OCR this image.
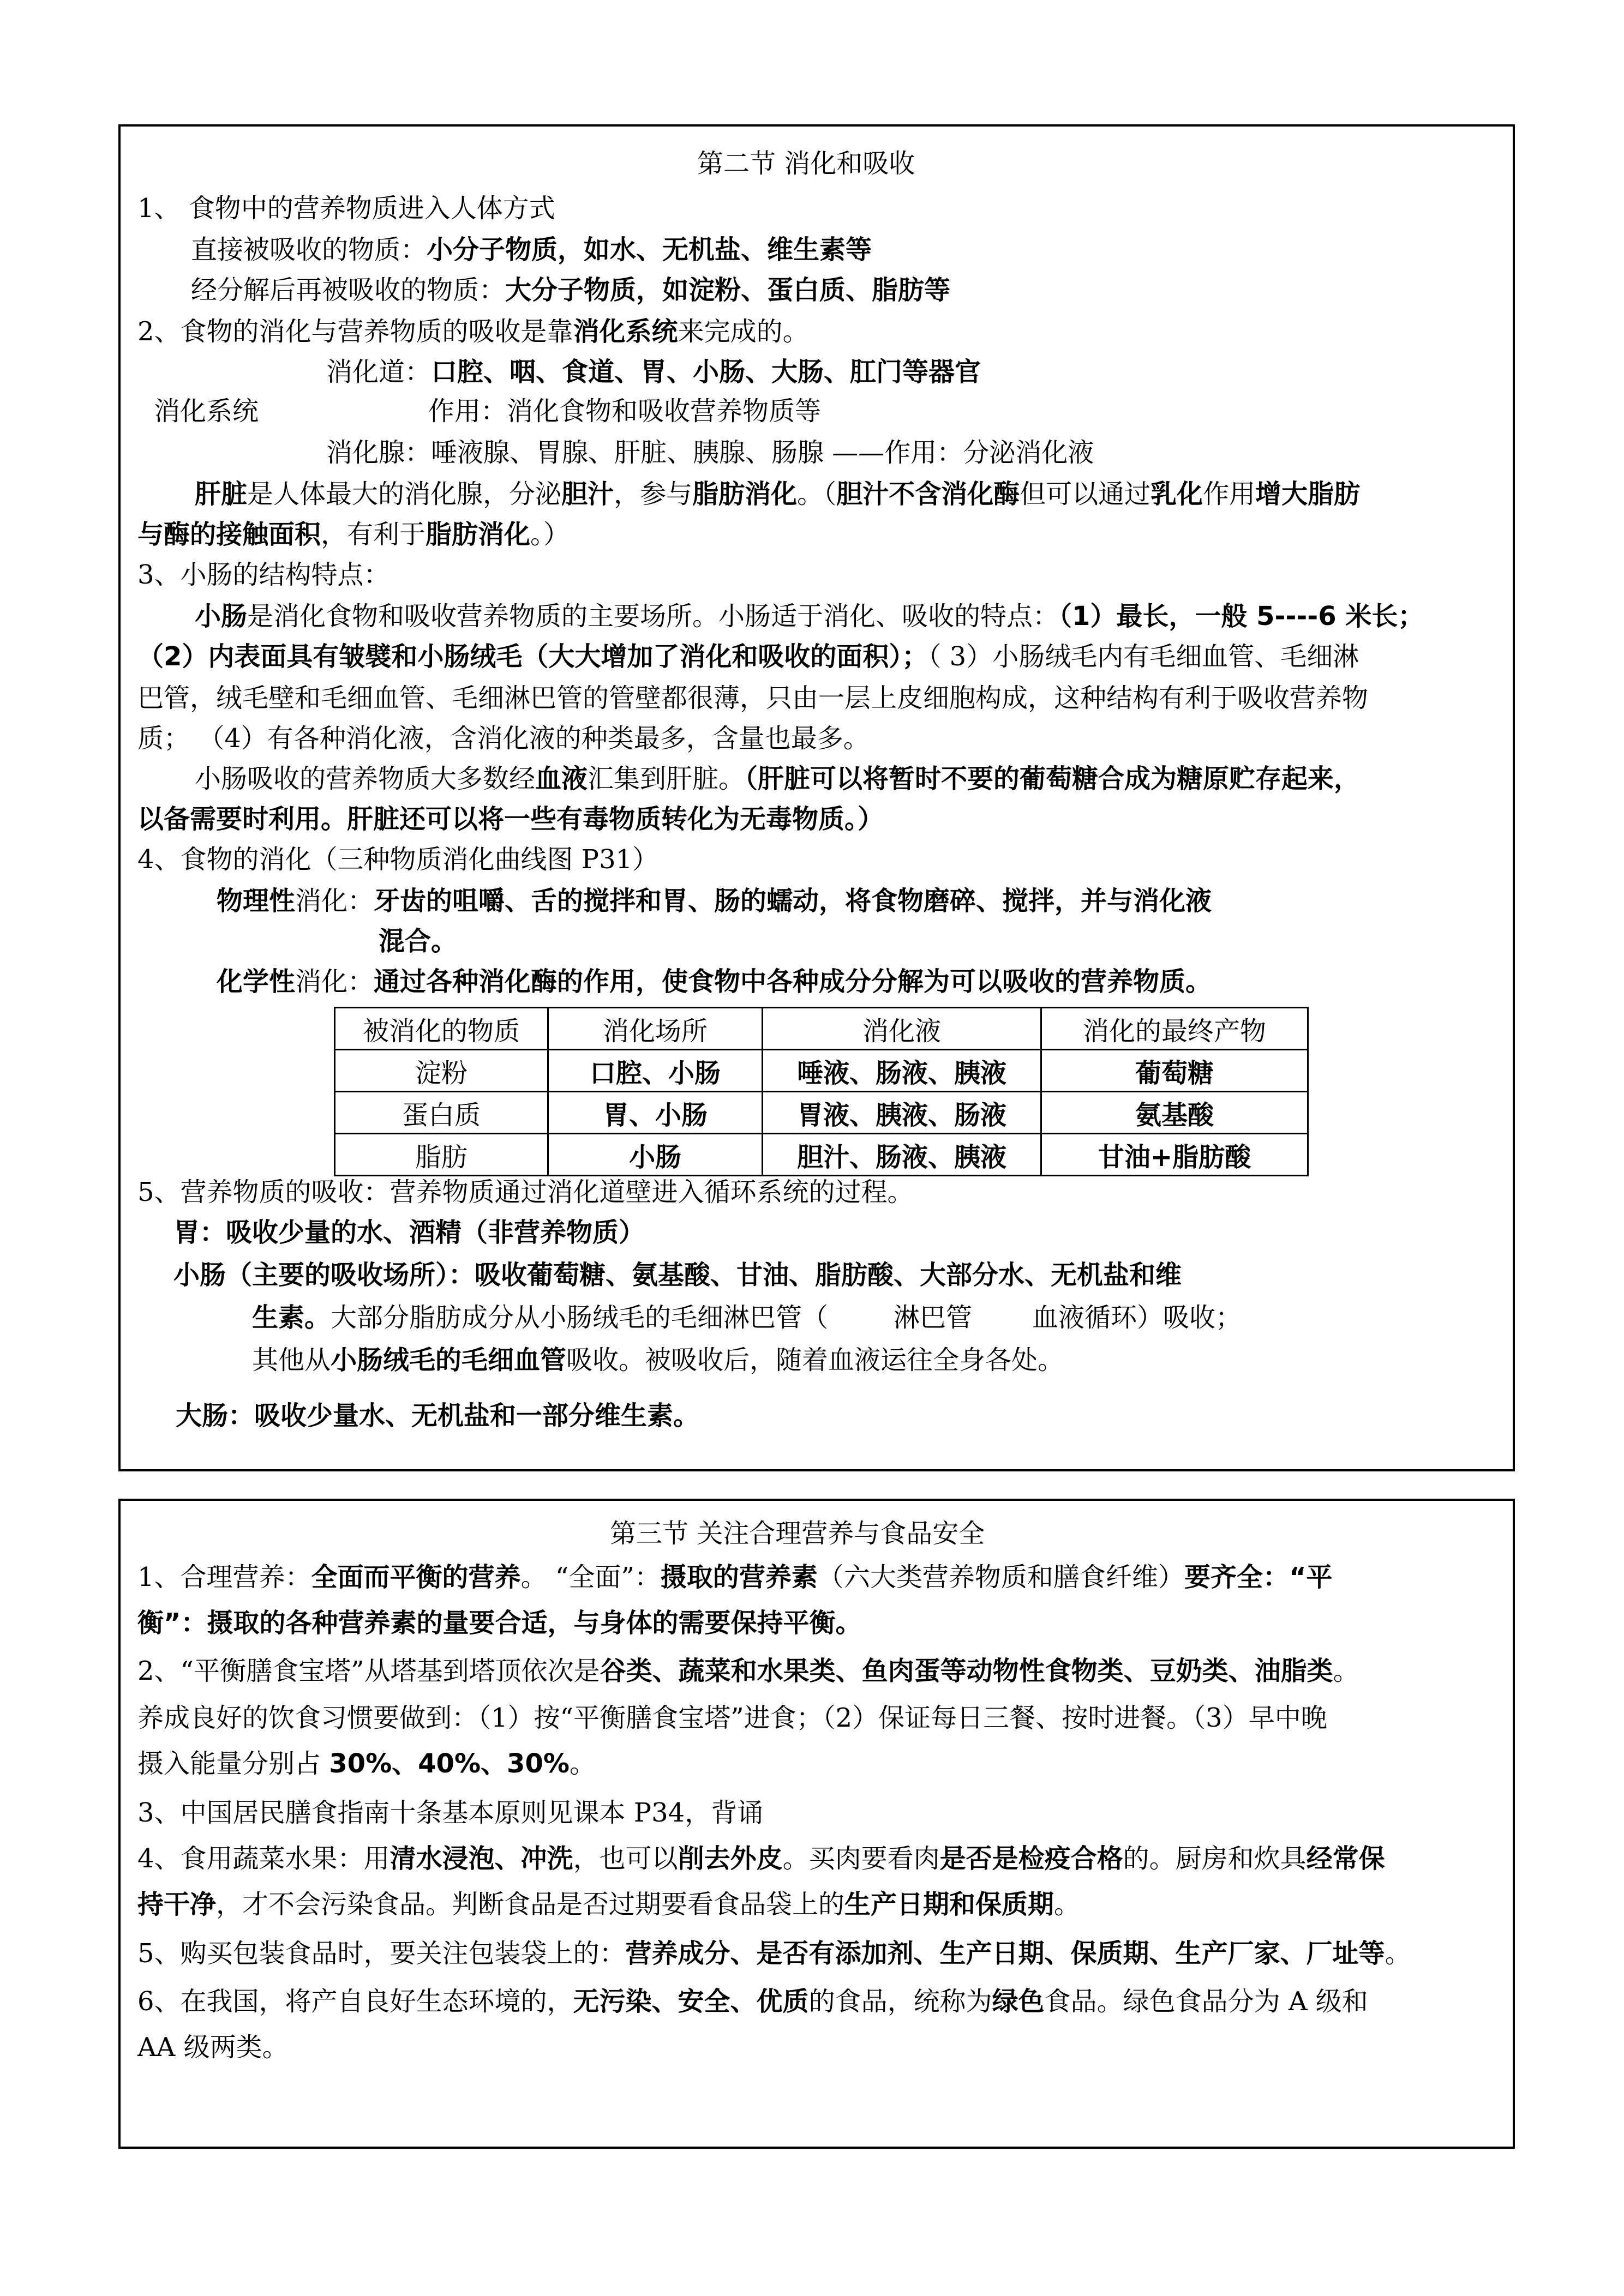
第二节 消化和吸收
1、 食物中的营养物质进入人体方式
直接被吸收的物质：小分子物质，如水、无机盐、维生素等
经分解后再被吸收的物质：大分子物质，如淀粉、蛋白质、脂肪等
2、食物的消化与营养物质的吸收是靠消化系统来完成的。
消化道：口腔、咽、食道、胃、小肠、大肠、肛门等器官
消化系统	作用：消化食物和吸收营养物质等
消化腺：唾液腺、胃腺、肝脏、胰腺、肠腺 ——作用：分泌消化液
肝脏是人体最大的消化腺，分泌胆汁，参与脂肪消化。（胆汁不含消化酶但可以通过乳化作用增大脂肪
与酶的接触面积，有利于脂肪消化。）
3、小肠的结构特点：
小肠是消化食物和吸收营养物质的主要场所。小肠适于消化、吸收的特点：（1）最长，一般 5----6 米长；
（2）内表面具有皱襞和小肠绒毛（大大增加了消化和吸收的面积）；（ 3）小肠绒毛内有毛细血管、毛细淋
巴管，绒毛壁和毛细血管、毛细淋巴管的管壁都很薄，只由一层上皮细胞构成，这种结构有利于吸收营养物
质； （4）有各种消化液，含消化液的种类最多，含量也最多。
小肠吸收的营养物质大多数经血液汇集到肝脏。（肝脏可以将暂时不要的葡萄糖合成为糖原贮存起来，
以备需要时利用。肝脏还可以将一些有毒物质转化为无毒物质。）
4、食物的消化（三种物质消化曲线图 P31）
物理性消化：牙齿的咀嚼、舌的搅拌和胃、肠的蠕动，将食物磨碎、搅拌，并与消化液
混合。
化学性消化：通过各种消化酶的作用，使食物中各种成分分解为可以吸收的营养物质。
被消化的物质	消化场所	消化液	消化的最终产物
淀粉	口腔、小肠	唾液、肠液、胰液	葡萄糖
蛋白质	胃、小肠	胃液、胰液、肠液	氨基酸
脂肪	小肠	胆汁、肠液、胰液	甘油+脂肪酸
5、营养物质的吸收：营养物质通过消化道壁进入循环系统的过程。
胃：吸收少量的水、酒精（非营养物质）
小肠（主要的吸收场所）：吸收葡萄糖、氨基酸、甘油、脂肪酸、大部分水、无机盐和维
生素。大部分脂肪成分从小肠绒毛的毛细淋巴管（	淋巴管 血液循环）吸收；
其他从小肠绒毛的毛细血管吸收。被吸收后，随着血液运往全身各处。
大肠：吸收少量水、无机盐和一部分维生素。
第三节 关注合理营养与食品安全
1、合理营养：全面而平衡的营养。 “全面”：摄取的营养素（六大类营养物质和膳食纤维）要齐全：“平
衡”：摄取的各种营养素的量要合适，与身体的需要保持平衡。
2、“平衡膳食宝塔”从塔基到塔顶依次是谷类、蔬菜和水果类、鱼肉蛋等动物性食物类、豆奶类、油脂类。
养成良好的饮食习惯要做到：（1）按“平衡膳食宝塔”进食；（2）保证每日三餐、按时进餐。（3）早中晚
摄入能量分别占 30%、40%、30%。
3、中国居民膳食指南十条基本原则见课本 P34，背诵
4、食用蔬菜水果：用清水浸泡、冲洗，也可以削去外皮。买肉要看肉是否是检疫合格的。厨房和炊具经常保
持干净，才不会污染食品。判断食品是否过期要看食品袋上的生产日期和保质期。
5、购买包装食品时，要关注包装袋上的：营养成分、是否有添加剂、生产日期、保质期、生产厂家、厂址等。
6、在我国，将产自良好生态环境的，无污染、安全、优质的食品，统称为绿色食品。绿色食品分为 A 级和
AA 级两类。
